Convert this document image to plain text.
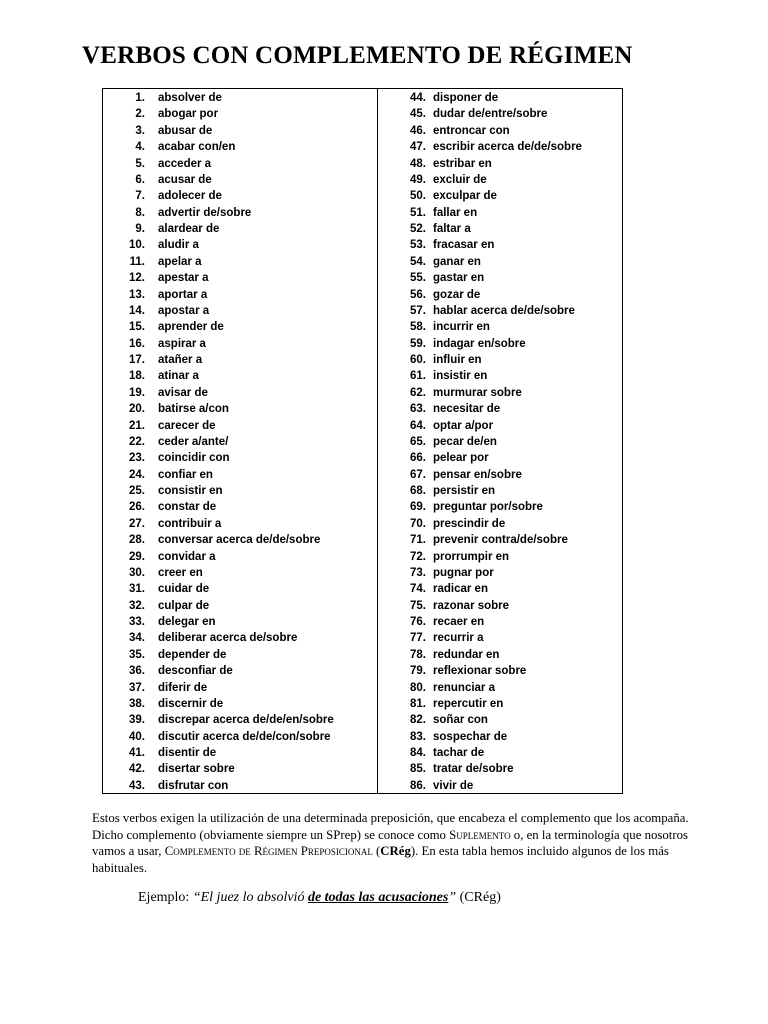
VERBOS CON COMPLEMENTO DE RÉGIMEN
1. absolver de
2. abogar por
3. abusar de
4. acabar con/en
5. acceder a
6. acusar de
7. adolecer de
8. advertir de/sobre
9. alardear de
10. aludir a
11. apelar a
12. apestar a
13. aportar a
14. apostar a
15. aprender de
16. aspirar a
17. atañer a
18. atinar a
19. avisar de
20. batirse a/con
21. carecer de
22. ceder a/ante/
23. coincidir con
24. confiar en
25. consistir en
26. constar de
27. contribuir a
28. conversar acerca de/de/sobre
29. convidar a
30. creer en
31. cuidar de
32. culpar de
33. delegar en
34. deliberar acerca de/sobre
35. depender de
36. desconfiar de
37. diferir de
38. discernir de
39. discrepar acerca de/de/en/sobre
40. discutir acerca de/de/con/sobre
41. disentir de
42. disertar sobre
43. disfrutar con
44. disponer de
45. dudar de/entre/sobre
46. entroncar con
47. escribir acerca de/de/sobre
48. estribar en
49. excluir de
50. exculpar de
51. fallar en
52. faltar a
53. fracasar en
54. ganar en
55. gastar en
56. gozar de
57. hablar acerca de/de/sobre
58. incurrir en
59. indagar en/sobre
60. influir en
61. insistir en
62. murmurar sobre
63. necesitar de
64. optar a/por
65. pecar de/en
66. pelear por
67. pensar en/sobre
68. persistir en
69. preguntar por/sobre
70. prescindir de
71. prevenir contra/de/sobre
72. prorrumpir en
73. pugnar por
74. radicar en
75. razonar sobre
76. recaer en
77. recurrir a
78. redundar en
79. reflexionar sobre
80. renunciar a
81. repercutir en
82. soñar con
83. sospechar de
84. tachar de
85. tratar de/sobre
86. vivir de

Estos verbos exigen la utilización de una determinada preposición, que encabeza el complemento que los acompaña. Dicho complemento (obviamente siempre un SPrep) se conoce como Suplemento o, en la terminología que nosotros vamos a usar, Complemento de Régimen Preposicional (CRég). En esta tabla hemos incluido algunos de los más habituales.

Ejemplo: “El juez lo absolvió de todas las acusaciones” (CRég)
